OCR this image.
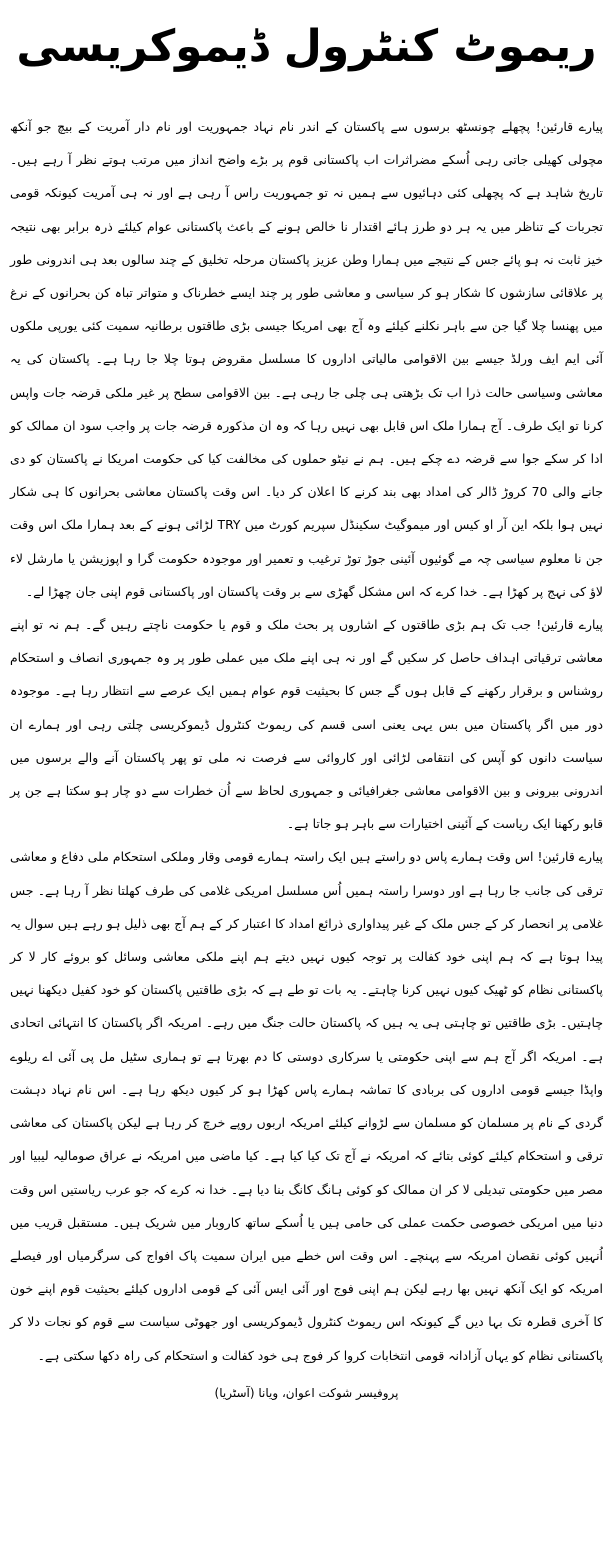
ریموٹ کنٹرول ڈیموکریسی

پیارے قارئین! پچھلے چونسٹھ برسوں سے پاکستان کے اندر نام نہاد جمہوریت اور نام دار آمریت کے بیچ جو آنکھ مچولی کھیلی جاتی رہی اُسکے مضراثرات اب پاکستانی قوم پر بڑے واضح انداز میں مرتب ہوتے نظر آ رہے ہیں۔ تاریخ شاہد ہے کہ پچھلی کئی دہائیوں سے ہمیں نہ تو جمہوریت راس آ رہی ہے اور نہ ہی آمریت کیونکہ قومی تجربات کے تناظر میں یہ ہر دو طرز ہائے اقتدار نا خالص ہونے کے باعث پاکستانی عوام کیلئے ذرہ برابر بھی نتیجہ خیز ثابت نہ ہو پائے جس کے نتیجے میں ہمارا وطن عزیز پاکستان مرحلہ تخلیق کے چند سالوں بعد ہی اندرونی طور پر علاقائی سازشوں کا شکار ہو کر سیاسی و معاشی طور پر چند ایسے خطرناک و متواتر تباہ کن بحرانوں کے نرغ میں پھنسا چلا گیا جن سے باہر نکلنے کیلئے وہ آج بھی امریکا جیسی بڑی طاقتوں برطانیہ سمیت کئی یورپی ملکوں آئی ایم ایف ورلڈ جیسے بین الاقوامی مالیاتی اداروں کا مسلسل مقروض ہوتا چلا جا رہا ہے۔ پاکستان کی یہ معاشی وسیاسی حالت ذرا اب تک بڑھتی ہی چلی جا رہی ہے۔ بین الاقوامی سطح پر غیر ملکی قرضہ جات واپس کرنا تو ایک طرف۔ آج ہمارا ملک اس قابل بھی نہیں رہا کہ وہ ان مذکورہ قرضہ جات پر واجب سود ان ممالک کو ادا کر سکے جوا سے قرضہ دے چکے ہیں۔ ہم نے نیٹو حملوں کی مخالفت کیا کی حکومت امریکا نے پاکستان کو دی جانے والی 70 کروڑ ڈالر کی امداد بھی بند کرنے کا اعلان کر دیا۔ اس وقت پاکستان معاشی بحرانوں کا ہی شکار نہیں ہوا بلکہ این آر او کیس اور میموگیٹ سکینڈل سپریم کورٹ میں TRY لڑائی ہونے کے بعد ہمارا ملک اس وقت جن نا معلوم سیاسی چہ مے گوئیوں آئینی جوڑ توڑ ترغیب و تعمیر اور موجودہ حکومت گرا و اپوزیشن یا مارشل لاء لاؤ کی نہج پر کھڑا ہے۔ خدا کرے کہ اس مشکل گھڑی سے بر وقت پاکستان اور پاکستانی قوم اپنی جان چھڑا لے۔

پیارے قارئین! جب تک ہم بڑی طاقتوں کے اشاروں پر بحث ملک و قوم یا حکومت ناچتے رہیں گے۔ ہم نہ تو اپنے معاشی ترقیاتی اہداف حاصل کر سکیں گے اور نہ ہی اپنے ملک میں عملی طور پر وہ جمہوری انصاف و استحکام روشناس و برقرار رکھنے کے قابل ہوں گے جس کا بحیثیت قوم عوام ہمیں ایک عرصے سے انتظار رہا ہے۔ موجودہ دور میں اگر پاکستان میں بس یہی یعنی اسی قسم کی ریموٹ کنٹرول ڈیموکریسی چلتی رہی اور ہمارے ان سیاست دانوں کو آپس کی انتقامی لڑائی اور کاروائی سے فرصت نہ ملی تو پھر پاکستان آنے والے برسوں میں اندرونی بیرونی و بین الاقوامی معاشی جغرافیائی و جمہوری لحاظ سے اُن خطرات سے دو چار ہو سکتا ہے جن پر قابو رکھنا ایک ریاست کے آئینی اختیارات سے باہر ہو جاتا ہے۔

پیارے قارئین! اس وقت ہمارے پاس دو راستے ہیں ایک راستہ ہمارے قومی وقار وملکی استحکام ملی دفاع و معاشی ترقی کی جانب جا رہا ہے اور دوسرا راستہ ہمیں اُس مسلسل امریکی غلامی کی طرف کھلتا نظر آ رہا ہے۔ جس غلامی پر انحصار کر کے جس ملک کے غیر پیداواری ذرائع امداد کا اعتبار کر کے ہم آج بھی ذلیل ہو رہے ہیں سوال یہ پیدا ہوتا ہے کہ ہم اپنی خود کفالت پر توجہ کیوں نہیں دیتے ہم اپنے ملکی معاشی وسائل کو بروئے کار لا کر پاکستانی نظام کو ٹھیک کیوں نہیں کرنا چاہتے۔ یہ بات تو طے ہے کہ بڑی طاقتیں پاکستان کو خود کفیل دیکھنا نہیں چاہتیں۔ بڑی طاقتیں تو چاہتی ہی یہ ہیں کہ پاکستان حالت جنگ میں رہے۔ امریکہ اگر پاکستان کا انتہائی اتحادی ہے۔ امریکہ اگر آج ہم سے اپنی حکومتی یا سرکاری دوستی کا دم بھرتا ہے تو ہماری سٹیل مل پی آئی اے ریلوے واپڈا جیسے قومی اداروں کی بربادی کا تماشہ ہمارے پاس کھڑا ہو کر کیوں دیکھ رہا ہے۔ اس نام نہاد دہشت گردی کے نام پر مسلمان کو مسلمان سے لڑوانے کیلئے امریکہ اربوں روپے خرچ کر رہا ہے لیکن پاکستان کی معاشی ترقی و استحکام کیلئے کوئی بتائے کہ امریکہ نے آج تک کیا کیا ہے۔ کیا ماضی میں امریکہ نے عراق صومالیہ لیبیا اور مصر میں حکومتی تبدیلی لا کر ان ممالک کو کوئی ہانگ کانگ بنا دیا ہے۔ خدا نہ کرے کہ جو عرب ریاستیں اس وقت دنیا میں امریکی خصوصی حکمت عملی کی حامی ہیں یا اُسکے ساتھ کاروبار میں شریک ہیں۔ مستقبل قریب میں اُنہیں کوئی نقصان امریکہ سے پہنچے۔ اس وقت اس خطے میں ایران سمیت پاک افواج کی سرگرمیاں اور فیصلے امریکہ کو ایک آنکھ نہیں بھا رہے لیکن ہم اپنی فوج اور آئی ایس آئی کے قومی اداروں کیلئے بحیثیت قوم اپنے خون کا آخری قطرہ تک بہا دیں گے کیونکہ اس ریموٹ کنٹرول ڈیموکریسی اور جھوٹی سیاست سے قوم کو نجات دلا کر پاکستانی نظام کو یہاں آزادانہ قومی انتخابات کروا کر فوج ہی خود کفالت و استحکام کی راہ دکھا سکتی ہے۔

پروفیسر شوکت اعوان، ویانا (آسٹریا)
